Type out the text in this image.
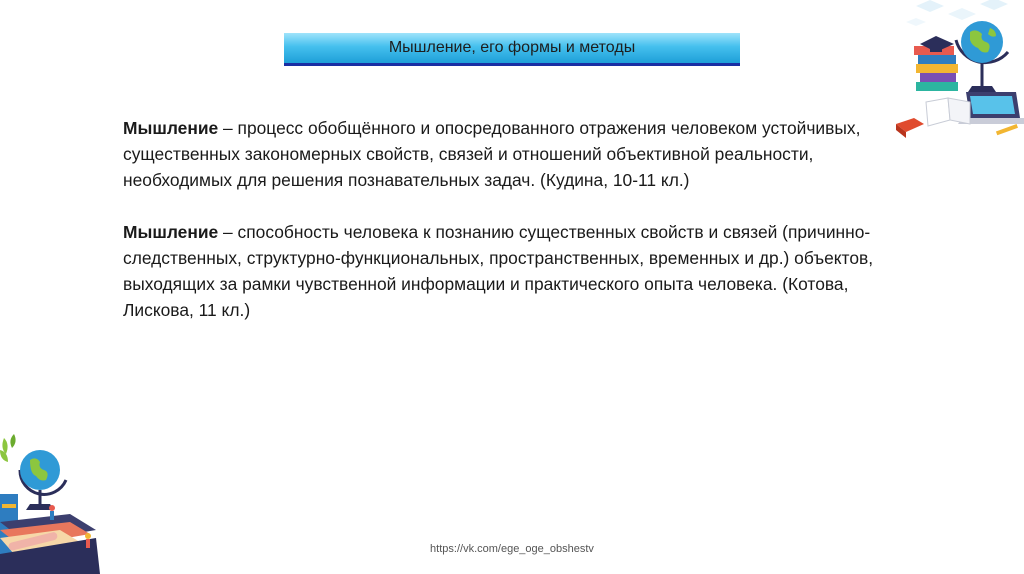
Мышление, его формы и методы

Мышление – процесс обобщённого и опосредованного отражения человеком устойчивых, существенных закономерных свойств, связей и отношений объективной реальности, необходимых для решения познавательных задач. (Кудина, 10-11 кл.)

Мышление – способность человека к познанию существенных свойств и связей (причинно-следственных, структурно-функциональных, пространственных, временных и др.) объектов, выходящих за рамки чувственной информации и практического опыта человека. (Котова, Лискова, 11 кл.)

https://vk.com/ege_oge_obshestv
